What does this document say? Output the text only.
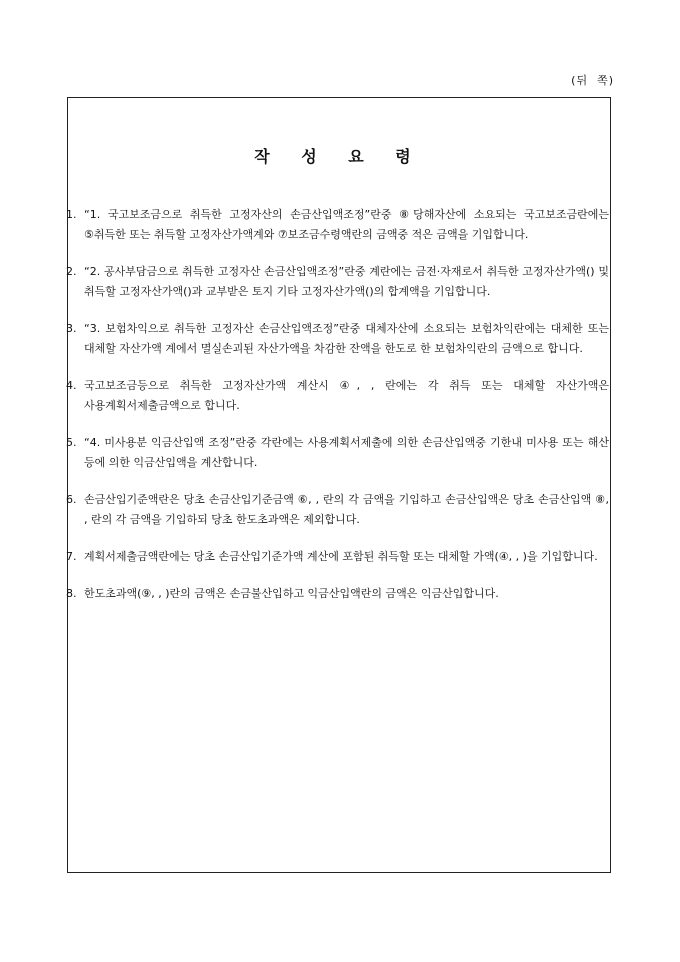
(뒤  쪽)
작 성 요 령
1. “1. 국고보조금으로 취득한 고정자산의 손금산입액조정”란중 ⑧당해자산에 소요되는 국고보조금란에는 ⑤취득한 또는 취득할 고정자산가액계와 ⑦보조금수령액란의 금액중 적은 금액을 기입합니다.
2. “2. 공사부담금으로 취득한 고정자산 손금산입액조정”란중 계란에는 금전·자재로서 취득한 고정자산가액() 및 취득할 고정자산가액()과 교부받은 토지 기타 고정자산가액()의 합계액을 기입합니다.
3. “3. 보험차익으로 취득한 고정자산 손금산입액조정”란중 대체자산에 소요되는 보험차익란에는 대체한 또는 대체할 자산가액 계에서 멸실손괴된 자산가액을 차감한 잔액을 한도로 한 보험차익란의 금액으로 합니다.
4. 국고보조금등으로 취득한 고정자산가액 계산시 ④, , 란에는 각 취득 또는 대체할 자산가액은 사용계획서제출금액으로 합니다.
5. “4. 미사용분 익금산입액 조정”란중 각란에는 사용계획서제출에 의한 손금산입액중 기한내 미사용 또는 해산 등에 의한 익금산입액을 계산합니다.
6. 손금산입기준액란은 당초 손금산입기준금액 ⑥, , 란의 각 금액을 기입하고 손금산입액은 당초 손금산입액 ⑧, , 란의 각 금액을 기입하되 당초 한도초과액은 제외합니다.
7. 계획서제출금액란에는 당초 손금산입기준가액 계산에 포함된 취득할 또는 대체할 가액(④, , )을 기입합니다.
8. 한도초과액(⑨, , )란의 금액은 손금불산입하고 익금산입액란의 금액은 익금산입합니다.
